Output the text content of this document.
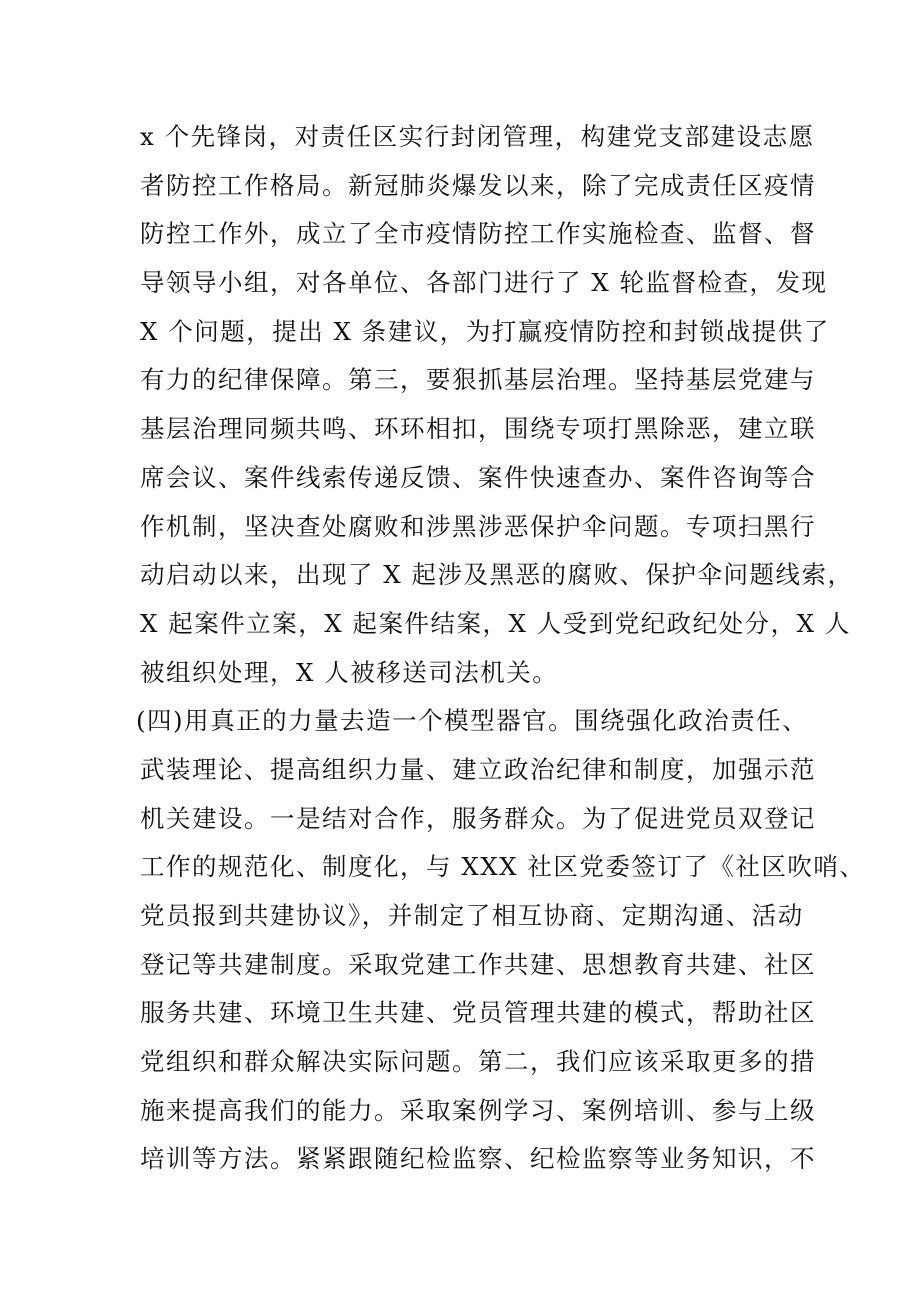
x 个先锋岗，对责任区实行封闭管理，构建党支部建设志愿
者防控工作格局。新冠肺炎爆发以来，除了完成责任区疫情
防控工作外，成立了全市疫情防控工作实施检查、监督、督
导领导小组，对各单位、各部门进行了 X 轮监督检查，发现
X 个问题，提出 X 条建议，为打赢疫情防控和封锁战提供了
有力的纪律保障。第三，要狠抓基层治理。坚持基层党建与
基层治理同频共鸣、环环相扣，围绕专项打黑除恶，建立联
席会议、案件线索传递反馈、案件快速查办、案件咨询等合
作机制，坚决查处腐败和涉黑涉恶保护伞问题。专项扫黑行
动启动以来，出现了 X 起涉及黑恶的腐败、保护伞问题线索，
X 起案件立案，X 起案件结案，X 人受到党纪政纪处分，X 人
被组织处理，X 人被移送司法机关。
(四)用真正的力量去造一个模型器官。围绕强化政治责任、
武装理论、提高组织力量、建立政治纪律和制度，加强示范
机关建设。一是结对合作，服务群众。为了促进党员双登记
工作的规范化、制度化，与 XXX 社区党委签订了《社区吹哨、
党员报到共建协议》，并制定了相互协商、定期沟通、活动
登记等共建制度。采取党建工作共建、思想教育共建、社区
服务共建、环境卫生共建、党员管理共建的模式，帮助社区
党组织和群众解决实际问题。第二，我们应该采取更多的措
施来提高我们的能力。采取案例学习、案例培训、参与上级
培训等方法。紧紧跟随纪检监察、纪检监察等业务知识，不
